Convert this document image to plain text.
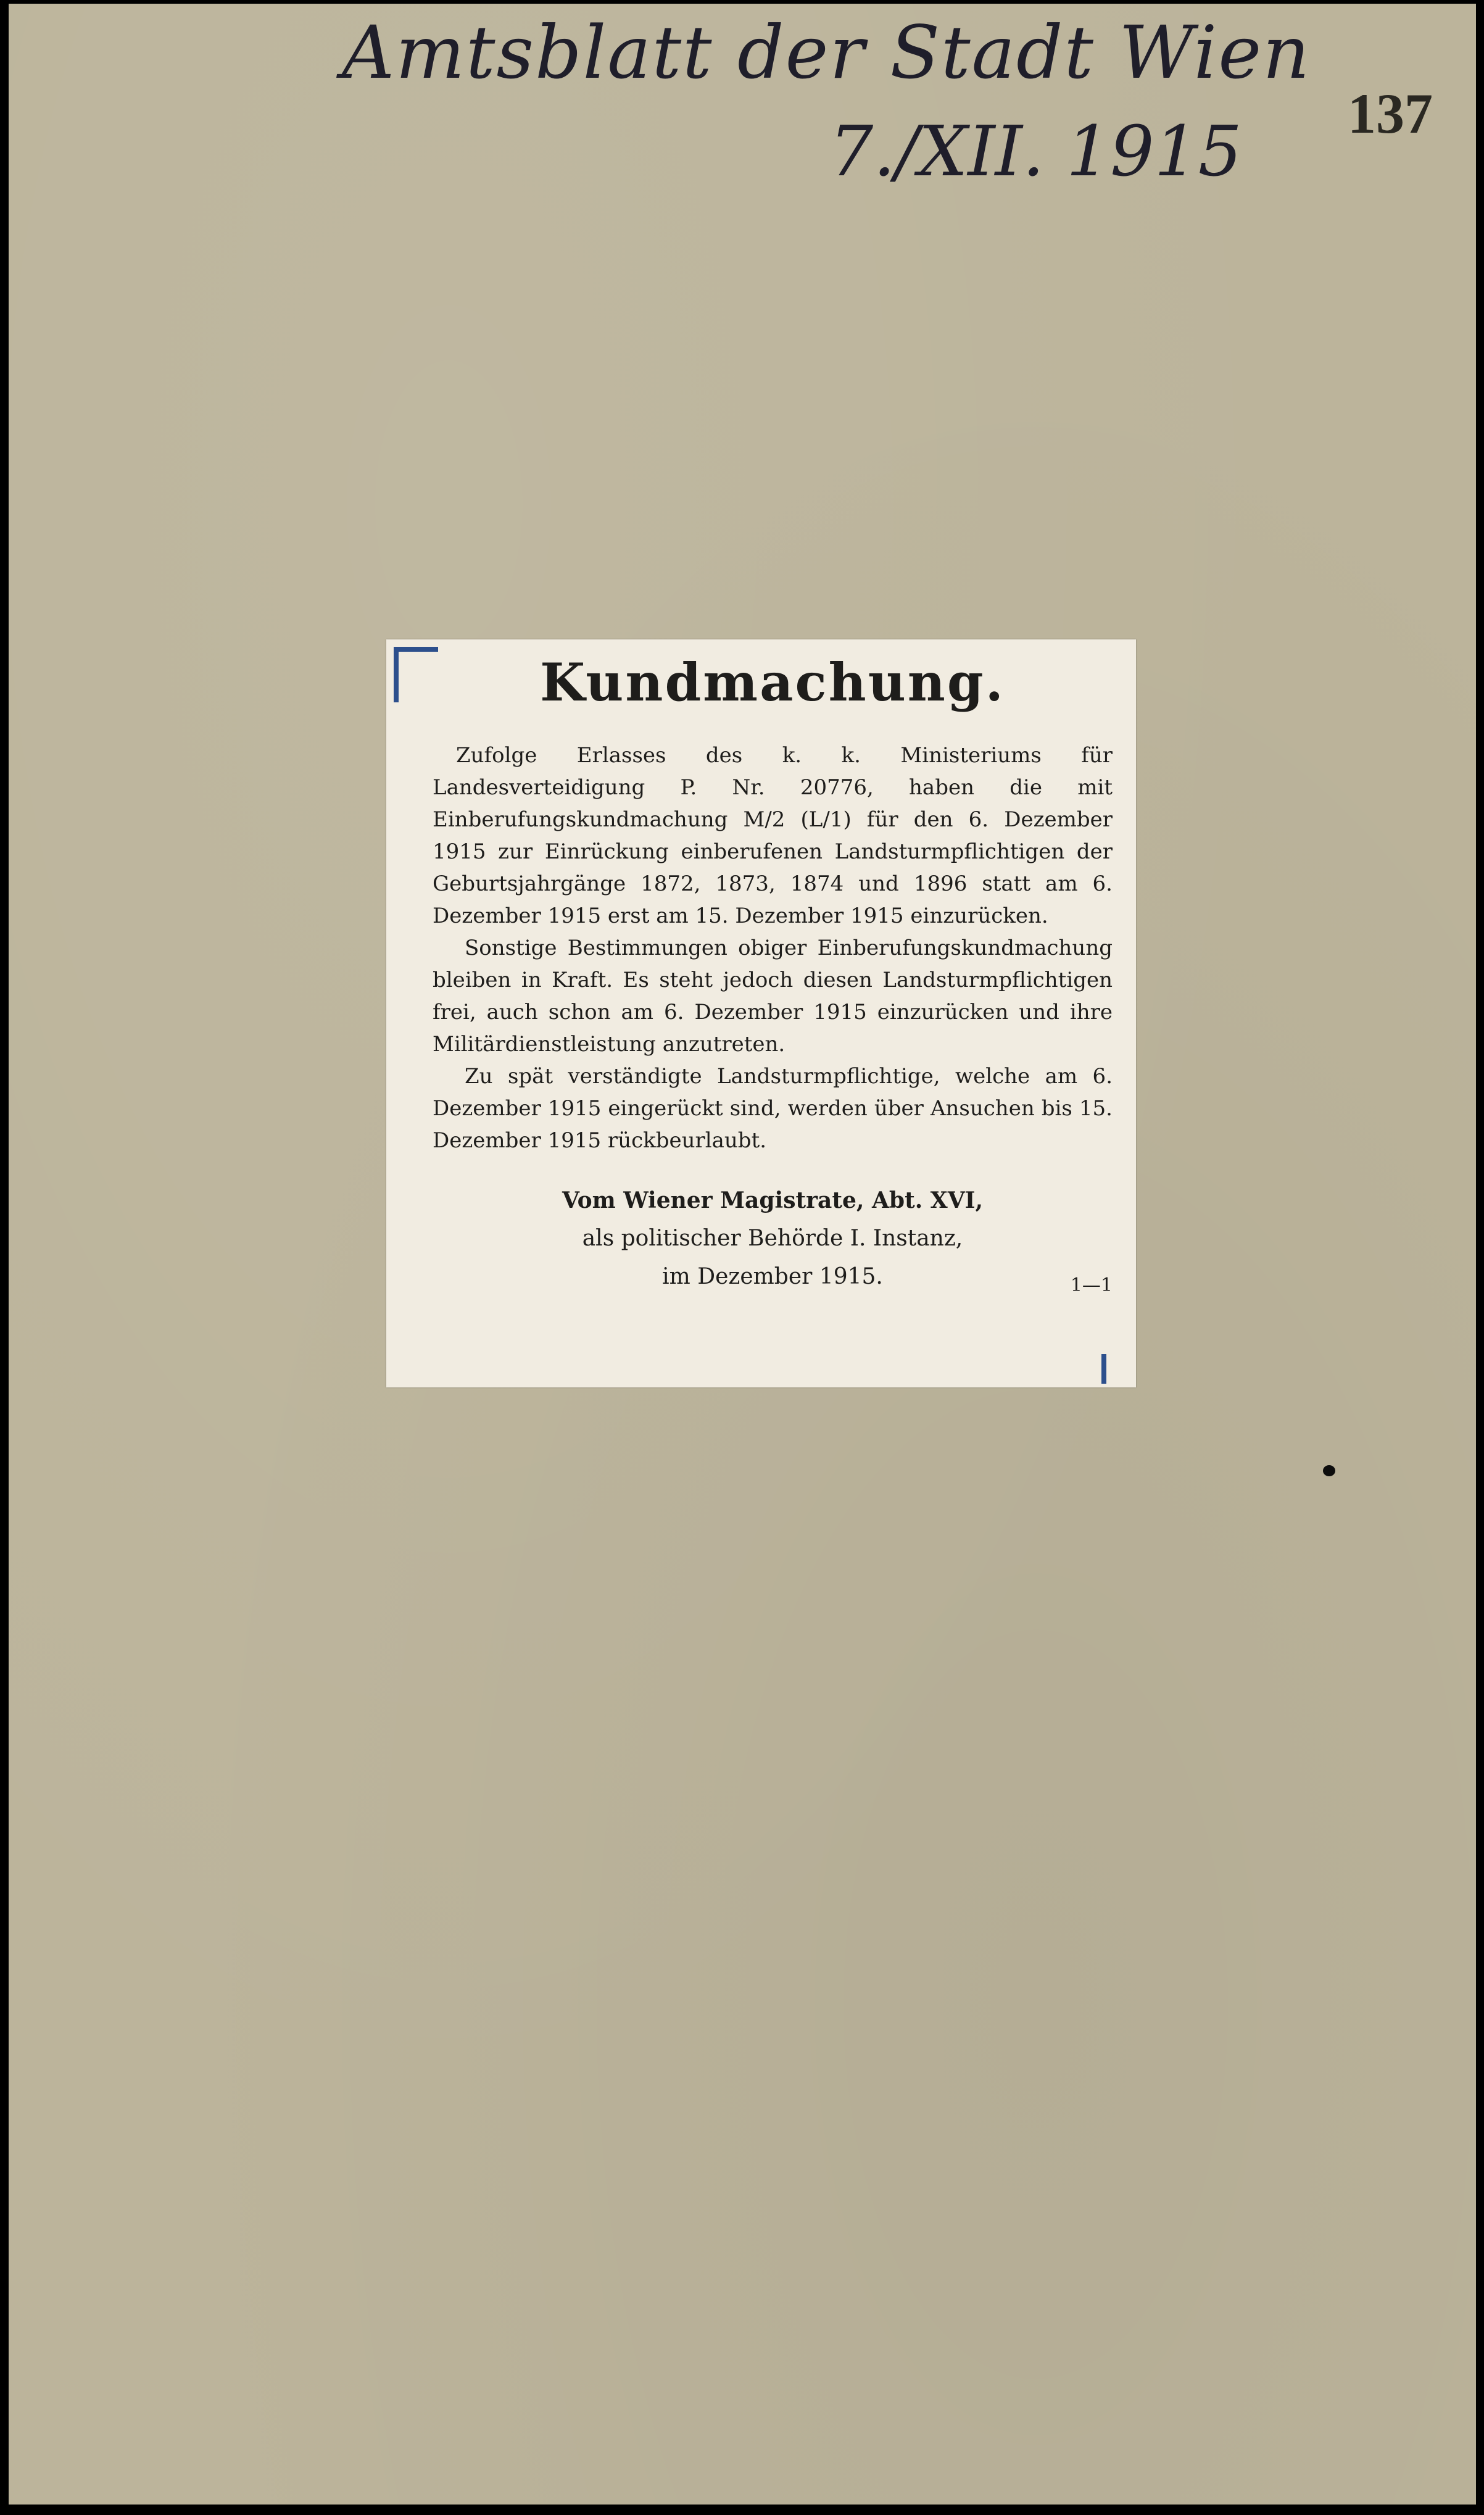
Amtsblatt der Stadt Wien
7./XII. 1915 137
Kundmachung.

Zufolge Erlasses des k. k. Ministeriums für Landesverteidigung P. Nr. 20776, haben die mit Einberufungskundmachung M/2 (L/1) für den 6. Dezember 1915 zur Einrückung einberufenen Landsturmpflichtigen der Geburtsjahrgänge 1872, 1873, 1874 und 1896 statt am 6. Dezember 1915 erst am 15. Dezember 1915 einzurücken.

Sonstige Bestimmungen obiger Einberufungskundmachung bleiben in Kraft. Es steht jedoch diesen Landsturmpflichtigen frei, auch schon am 6. Dezember 1915 einzurücken und ihre Militärdienstleistung anzutreten.

Zu spät verständigte Landsturmpflichtige, welche am 6. Dezember 1915 eingerückt sind, werden über Ansuchen bis 15. Dezember 1915 rückbeurlaubt.

Vom Wiener Magistrate, Abt. XVI,
als politischer Behörde I. Instanz,
im Dezember 1915.	1—1
